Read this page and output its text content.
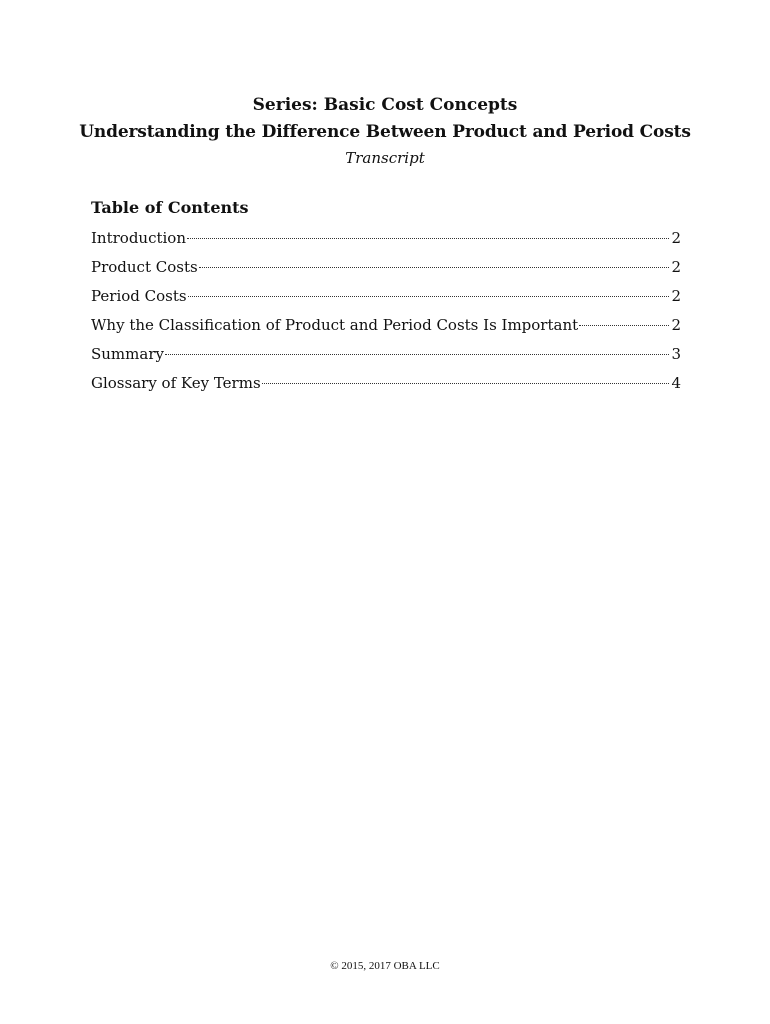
Series: Basic Cost Concepts
Understanding the Difference Between Product and Period Costs
Transcript
Table of Contents
Introduction	2
Product Costs	2
Period Costs	2
Why the Classification of Product and Period Costs Is Important	2
Summary	3
Glossary of Key Terms	4
© 2015, 2017 OBA LLC
